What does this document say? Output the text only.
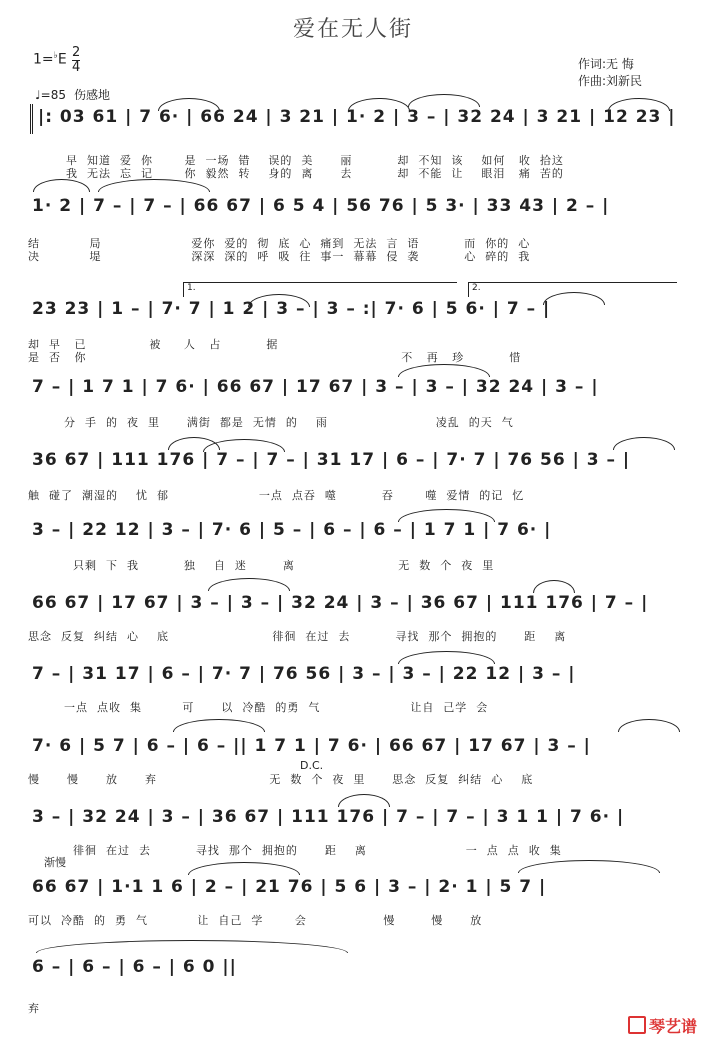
爱在无人街
1=♭E 2
4
♩=85 伤感地
作词:无 悔
作曲:刘新民
|: 03 61 | 7 6· | 66 24 | 3 21 | 1· 2 | 3 – | 32 24 | 3 21 | 12 23 |
早  知道  爱  你       是  一场  错    误的  美      丽          却  不知  该    如何   收  拾这
我  无法  忘  记       你  毅然  转    身的  离      去          却  不能  让    眼泪   痛  苦的
1· 2 | 7 – | 7 – | 66 67 | 6 5 4 | 56 76 | 5 3· | 33 43 | 2 – |
结           局                    爱你  爱的  彻  底  心  痛到  无法  言  语          而  你的  心
决           堤                    深深  深的  呼  吸  往  事一  幕幕  侵  袭          心  碎的  我
1.	2.
23 23 | 1 – | 7· 7 | 1 2 | 3 – | 3 – :| 7· 6 | 5 6· | 7 – |
却  早   已              被     人   占          据
是  否   你                                                                      不   再   珍          惜
7 – | 1 7 1 | 7 6· | 66 67 | 17 67 | 3 – | 3 – | 32 24 | 3 – |
分  手  的  夜  里      满街  都是  无情  的    雨                        凌乱  的天  气
36 67 | 111 176 | 7 – | 7 – | 31 17 | 6 – | 7· 7 | 76 56 | 3 – |
触  碰了  潮湿的    忧  郁                    一点  点吞  噬          吞       噬  爱情  的记  忆
3 – | 22 12 | 3 – | 7· 6 | 5 – | 6 – | 6 – | 1 7 1 | 7 6· |
只剩  下  我          独    自  迷        离                       无  数  个  夜  里
66 67 | 17 67 | 3 – | 3 – | 32 24 | 3 – | 36 67 | 111 176 | 7 – |
思念  反复  纠结  心    底                       徘徊  在过  去          寻找  那个  拥抱的      距    离
7 – | 31 17 | 6 – | 7· 7 | 76 56 | 3 – | 3 – | 22 12 | 3 – |
一点  点收  集         可      以  冷酷  的勇  气                    让自  己学  会
7· 6 | 5 7 | 6 – | 6 – || 1 7 1 | 7 6· | 66 67 | 17 67 | 3 – |
D.C.
慢      慢      放      弃                         无  数  个  夜  里      思念  反复  纠结  心    底
3 – | 32 24 | 3 – | 36 67 | 111 176 | 7 – | 7 – | 3 1 1 | 7 6· |
徘徊  在过  去          寻找  那个  拥抱的      距    离                      一  点  点  收  集
渐慢
66 67 | 1·1 1 6 | 2 – | 21 76 | 5 6 | 3 – | 2· 1 | 5 7 |
可以  冷酷  的  勇  气           让  自己  学       会                 慢        慢      放
6 – | 6 – | 6 – | 6 0 ||
弃
琴艺谱
